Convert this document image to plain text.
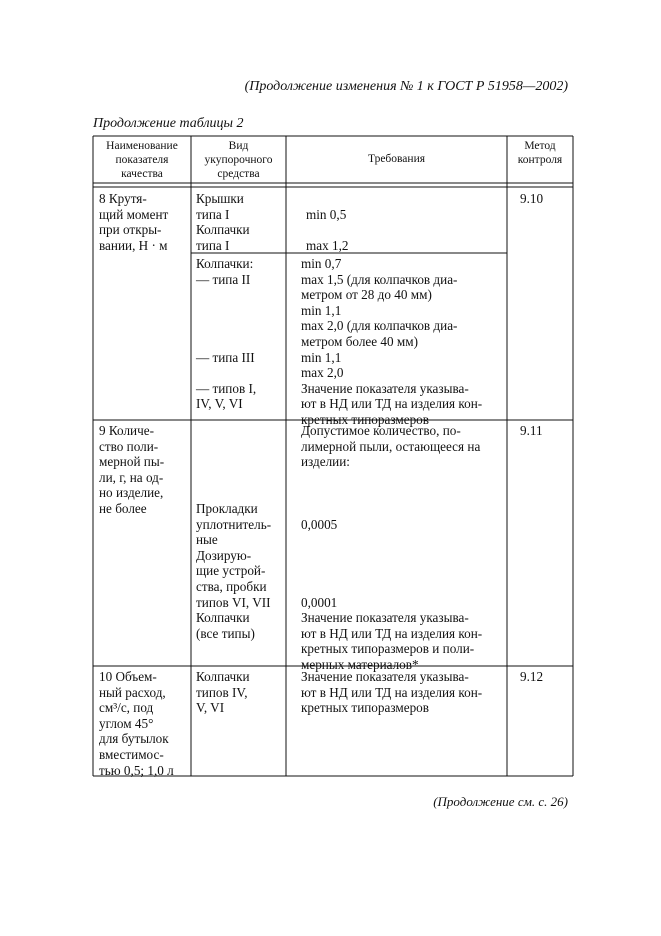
(Продолжение изменения № 1 к ГОСТ Р 51958—2002)
Продолжение таблицы 2
Наименование
показателя
качества
Вид
укупорочного
средства
Требования
Метод
контроля
8 Крутя-
щий момент
при откры-
вании, Н · м
Крышки
типа I
Колпачки
типа I

min 0,5

max 1,2
9.10
Колпачки:
— типа II

— типа III

— типов I,
IV, V, VI
min 0,7
max 1,5 (для колпачков диа-
метром от 28 до 40 мм)
min 1,1
max 2,0 (для колпачков диа-
метром более 40 мм)
min 1,1
max 2,0
Значение показателя указыва-
ют в НД или ТД на изделия кон-
кретных типоразмеров
9 Количе-
ство поли-
мерной пы-
ли, г, на од-
но изделие,
не более	

Прокладки
уплотнитель-
ные
Дозирую-
щие устрой-
ства, пробки
типов VI, VII
Колпачки
(все типы)
Допустимое количество, по-
лимерной пыли, остающееся на
изделии:

0,0005

0,0001
Значение показателя указыва-
ют в НД или ТД на изделия кон-
кретных типоразмеров и поли-
мерных материалов*
9.11
10 Объем-
ный расход,
см³/с, под
углом 45°
для бутылок
вместимос-
тью 0,5; 1,0 л
Колпачки
типов IV,
V, VI
Значение показателя указыва-
ют в НД или ТД на изделия кон-
кретных типоразмеров
9.12
(Продолжение см. с. 26)
